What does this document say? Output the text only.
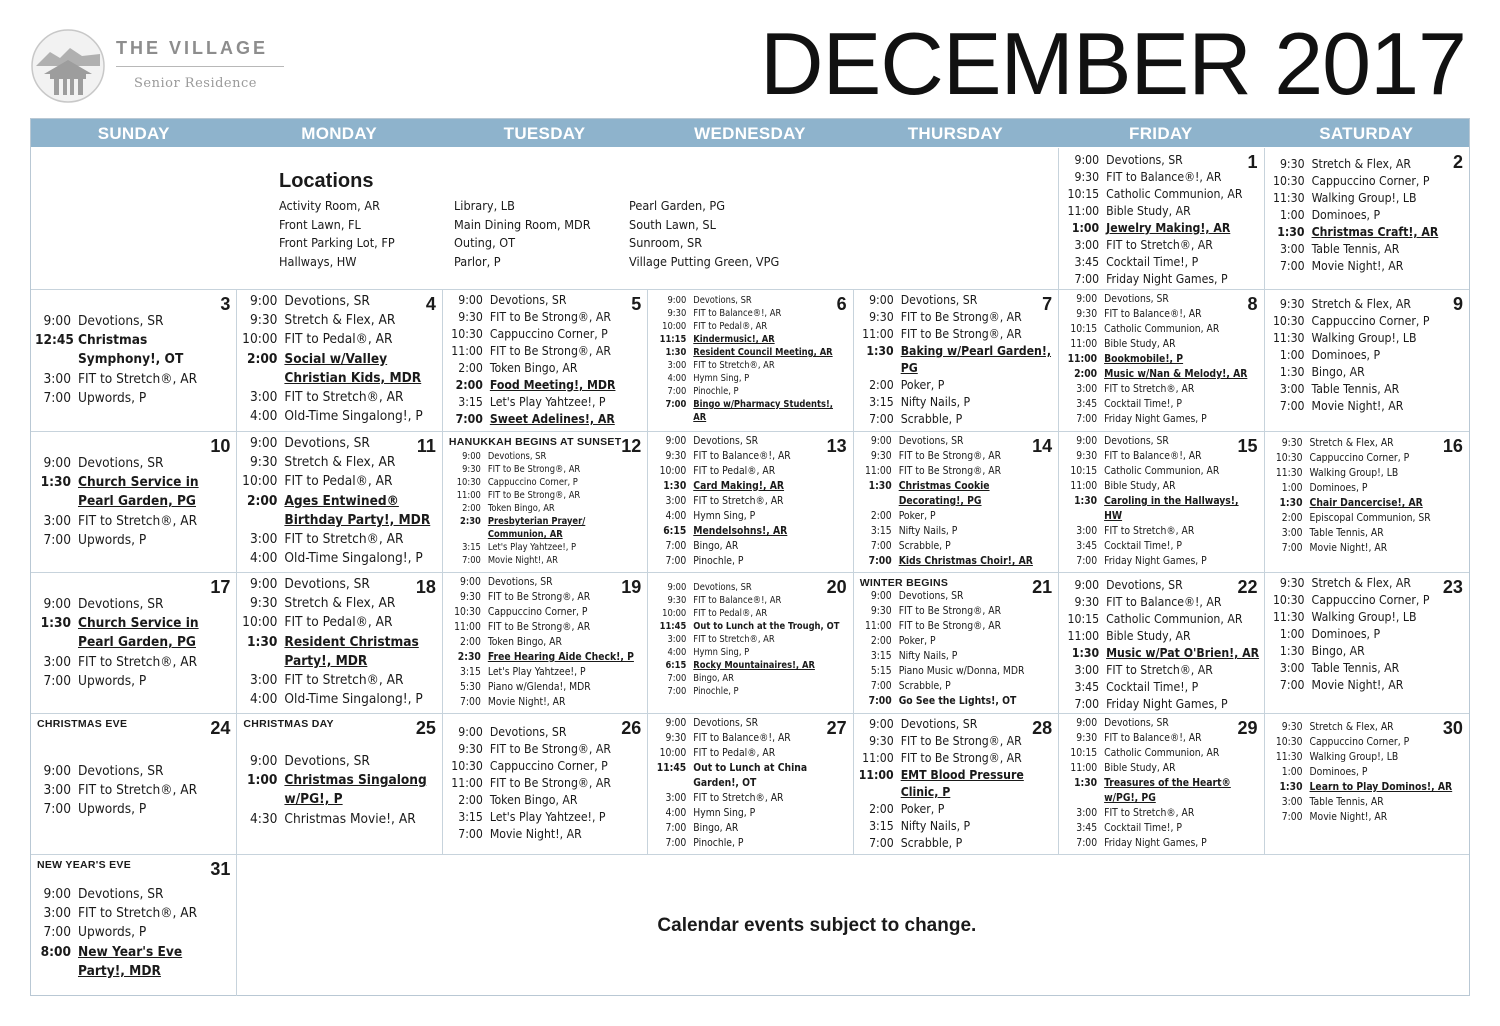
THE VILLAGE
Senior Residence	DECEMBER 2017
SUNDAY	MONDAY	TUESDAY	WEDNESDAY	THURSDAY	FRIDAY	SATURDAY
Locations
Activity Room, AR
Front Lawn, FL
Front Parking Lot, FP
Hallways, HW
Library, LB
Main Dining Room, MDR
Outing, OT
Parlor, P
Pearl Garden, PG
South Lawn, SL
Sunroom, SR
Village Putting Green, VPG
1
9:00 Devotions, SR
9:30 FIT to Balance®!, AR
10:15 Catholic Communion, AR
11:00 Bible Study, AR
1:00 Jewelry Making!, AR
3:00 FIT to Stretch®, AR
3:45 Cocktail Time!, P
7:00 Friday Night Games, P
2
9:30 Stretch & Flex, AR
10:30 Cappuccino Corner, P
11:30 Walking Group!, LB
1:00 Dominoes, P
1:30 Christmas Craft!, AR
3:00 Table Tennis, AR
7:00 Movie Night!, AR
3
9:00 Devotions, SR
12:45 Christmas Symphony!, OT
3:00 FIT to Stretch®, AR
7:00 Upwords, P
4
9:00 Devotions, SR
9:30 Stretch & Flex, AR
10:00 FIT to Pedal®, AR
2:00 Social w/Valley Christian Kids, MDR
3:00 FIT to Stretch®, AR
4:00 Old-Time Singalong!, P
5
9:00 Devotions, SR
9:30 FIT to Be Strong®, AR
10:30 Cappuccino Corner, P
11:00 FIT to Be Strong®, AR
2:00 Token Bingo, AR
2:00 Food Meeting!, MDR
3:15 Let's Play Yahtzee!, P
7:00 Sweet Adelines!, AR
6
9:00 Devotions, SR
9:30 FIT to Balance®!, AR
10:00 FIT to Pedal®, AR
11:15 Kindermusic!, AR
1:30 Resident Council Meeting, AR
3:00 FIT to Stretch®, AR
4:00 Hymn Sing, P
7:00 Pinochle, P
7:00 Bingo w/Pharmacy Students!, AR
7
9:00 Devotions, SR
9:30 FIT to Be Strong®, AR
11:00 FIT to Be Strong®, AR
1:30 Baking w/Pearl Garden!, PG
2:00 Poker, P
3:15 Nifty Nails, P
7:00 Scrabble, P
8
9:00 Devotions, SR
9:30 FIT to Balance®!, AR
10:15 Catholic Communion, AR
11:00 Bible Study, AR
11:00 Bookmobile!, P
2:00 Music w/Nan & Melody!, AR
3:00 FIT to Stretch®, AR
3:45 Cocktail Time!, P
7:00 Friday Night Games, P
9
9:30 Stretch & Flex, AR
10:30 Cappuccino Corner, P
11:30 Walking Group!, LB
1:00 Dominoes, P
1:30 Bingo, AR
3:00 Table Tennis, AR
7:00 Movie Night!, AR
10
9:00 Devotions, SR
1:30 Church Service in Pearl Garden, PG
3:00 FIT to Stretch®, AR
7:00 Upwords, P
11
9:00 Devotions, SR
9:30 Stretch & Flex, AR
10:00 FIT to Pedal®, AR
2:00 Ages Entwined® Birthday Party!, MDR
3:00 FIT to Stretch®, AR
4:00 Old-Time Singalong!, P
12
HANUKKAH BEGINS AT SUNSET
9:00 Devotions, SR
9:30 FIT to Be Strong®, AR
10:30 Cappuccino Corner, P
11:00 FIT to Be Strong®, AR
2:00 Token Bingo, AR
2:30 Presbyterian Prayer/ Communion, AR
3:15 Let's Play Yahtzee!, P
7:00 Movie Night!, AR
13
9:00 Devotions, SR
9:30 FIT to Balance®!, AR
10:00 FIT to Pedal®, AR
1:30 Card Making!, AR
3:00 FIT to Stretch®, AR
4:00 Hymn Sing, P
6:15 Mendelsohns!, AR
7:00 Bingo, AR
7:00 Pinochle, P
14
9:00 Devotions, SR
9:30 FIT to Be Strong®, AR
11:00 FIT to Be Strong®, AR
1:30 Christmas Cookie Decorating!, PG
2:00 Poker, P
3:15 Nifty Nails, P
7:00 Scrabble, P
7:00 Kids Christmas Choir!, AR
15
9:00 Devotions, SR
9:30 FIT to Balance®!, AR
10:15 Catholic Communion, AR
11:00 Bible Study, AR
1:30 Caroling in the Hallways!, HW
3:00 FIT to Stretch®, AR
3:45 Cocktail Time!, P
7:00 Friday Night Games, P
16
9:30 Stretch & Flex, AR
10:30 Cappuccino Corner, P
11:30 Walking Group!, LB
1:00 Dominoes, P
1:30 Chair Dancercise!, AR
2:00 Episcopal Communion, SR
3:00 Table Tennis, AR
7:00 Movie Night!, AR
17
9:00 Devotions, SR
1:30 Church Service in Pearl Garden, PG
3:00 FIT to Stretch®, AR
7:00 Upwords, P
18
9:00 Devotions, SR
9:30 Stretch & Flex, AR
10:00 FIT to Pedal®, AR
1:30 Resident Christmas Party!, MDR
3:00 FIT to Stretch®, AR
4:00 Old-Time Singalong!, P
19
9:00 Devotions, SR
9:30 FIT to Be Strong®, AR
10:30 Cappuccino Corner, P
11:00 FIT to Be Strong®, AR
2:00 Token Bingo, AR
2:30 Free Hearing Aide Check!, P
3:15 Let's Play Yahtzee!, P
5:30 Piano w/Glenda!, MDR
7:00 Movie Night!, AR
20
9:00 Devotions, SR
9:30 FIT to Balance®!, AR
10:00 FIT to Pedal®, AR
11:45 Out to Lunch at the Trough, OT
3:00 FIT to Stretch®, AR
4:00 Hymn Sing, P
6:15 Rocky Mountainaires!, AR
7:00 Bingo, AR
7:00 Pinochle, P
21
WINTER BEGINS
9:00 Devotions, SR
9:30 FIT to Be Strong®, AR
11:00 FIT to Be Strong®, AR
2:00 Poker, P
3:15 Nifty Nails, P
5:15 Piano Music w/Donna, MDR
7:00 Scrabble, P
7:00 Go See the Lights!, OT
22
9:00 Devotions, SR
9:30 FIT to Balance®!, AR
10:15 Catholic Communion, AR
11:00 Bible Study, AR
1:30 Music w/Pat O'Brien!, AR
3:00 FIT to Stretch®, AR
3:45 Cocktail Time!, P
7:00 Friday Night Games, P
23
9:30 Stretch & Flex, AR
10:30 Cappuccino Corner, P
11:30 Walking Group!, LB
1:00 Dominoes, P
1:30 Bingo, AR
3:00 Table Tennis, AR
7:00 Movie Night!, AR
24
CHRISTMAS EVE
9:00 Devotions, SR
3:00 FIT to Stretch®, AR
7:00 Upwords, P
25
CHRISTMAS DAY
9:00 Devotions, SR
1:00 Christmas Singalong w/PG!, P
4:30 Christmas Movie!, AR
26
9:00 Devotions, SR
9:30 FIT to Be Strong®, AR
10:30 Cappuccino Corner, P
11:00 FIT to Be Strong®, AR
2:00 Token Bingo, AR
3:15 Let's Play Yahtzee!, P
7:00 Movie Night!, AR
27
9:00 Devotions, SR
9:30 FIT to Balance®!, AR
10:00 FIT to Pedal®, AR
11:45 Out to Lunch at China Garden!, OT
3:00 FIT to Stretch®, AR
4:00 Hymn Sing, P
7:00 Bingo, AR
7:00 Pinochle, P
28
9:00 Devotions, SR
9:30 FIT to Be Strong®, AR
11:00 FIT to Be Strong®, AR
11:00 EMT Blood Pressure Clinic, P
2:00 Poker, P
3:15 Nifty Nails, P
7:00 Scrabble, P
29
9:00 Devotions, SR
9:30 FIT to Balance®!, AR
10:15 Catholic Communion, AR
11:00 Bible Study, AR
1:30 Treasures of the Heart® w/PG!, PG
3:00 FIT to Stretch®, AR
3:45 Cocktail Time!, P
7:00 Friday Night Games, P
30
9:30 Stretch & Flex, AR
10:30 Cappuccino Corner, P
11:30 Walking Group!, LB
1:00 Dominoes, P
1:30 Learn to Play Dominos!, AR
3:00 Table Tennis, AR
7:00 Movie Night!, AR
31
NEW YEAR'S EVE
9:00 Devotions, SR
3:00 FIT to Stretch®, AR
7:00 Upwords, P
8:00 New Year's Eve Party!, MDR
Calendar events subject to change.
